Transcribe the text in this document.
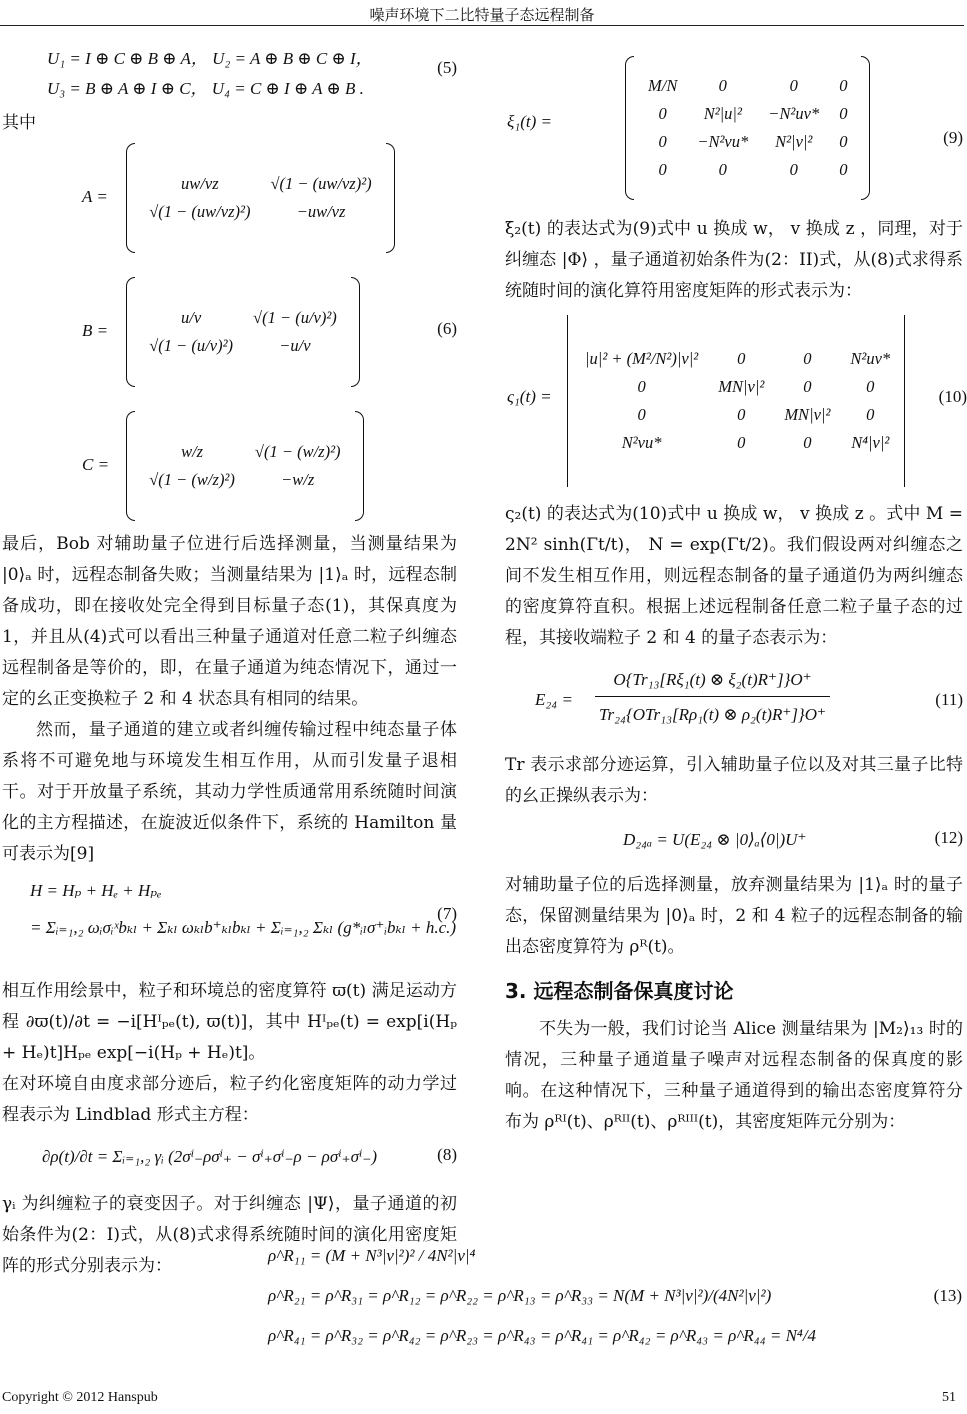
噪声环境下二比特量子态远程制备
U₁ = I ⊕ C ⊕ B ⊕ A， U₂ = A ⊕ B ⊕ C ⊕ I，
U₃ = B ⊕ A ⊕ I ⊕ C， U₄ = C ⊕ I ⊕ A ⊕ B .
(5)
其中
(6)
A =
uw/vz	√(1 − (uw/vz)²)
√(1 − (uw/vz)²)	−uw/vz
B =
u/v	√(1 − (u/v)²)
√(1 − (u/v)²)	−u/v
C =
w/z	√(1 − (w/z)²)
√(1 − (w/z)²)	−w/z

最后，Bob 对辅助量子位进行后选择测量，当测量结果为 |0⟩ₐ 时，远程态制备失败；当测量结果为 |1⟩ₐ 时，远程态制备成功，即在接收处完全得到目标量子态(1)，其保真度为 1，并且从(4)式可以看出三种量子通道对任意二粒子纠缠态远程制备是等价的，即，在量子通道为纯态情况下，通过一定的幺正变换粒子 2 和 4 状态具有相同的结果。

然而，量子通道的建立或者纠缠传输过程中纯态量子体系将不可避免地与环境发生相互作用，从而引发量子退相干。对于开放量子系统，其动力学性质通常用系统随时间演化的主方程描述，在旋波近似条件下，系统的 Hamilton 量可表示为[9]

H = Hₚ + Hₑ + Hₚₑ
= Σᵢ₌₁,₂ ωᵢσᵢˣbₖₗ + Σₖₗ ωₖₗb⁺ₖₗbₖₗ + Σᵢ₌₁,₂ Σₖₗ (g*ᵢₗσ⁺ᵢbₖₗ + h.c.)
(7)

相互作用绘景中，粒子和环境总的密度算符 ϖ(t) 满足运动方程 ∂ϖ(t)/∂t = −i[Hᴵₚₑ(t), ϖ(t)]，其中 Hᴵₚₑ(t) = exp[i(Hₚ + Hₑ)t]Hₚₑ exp[−i(Hₚ + Hₑ)t]。

在对环境自由度求部分迹后，粒子约化密度矩阵的动力学过程表示为 Lindblad 形式主方程：

∂ρ(t)/∂t = Σᵢ₌₁,₂ γᵢ (2σⁱ₋ρσⁱ₊ − σⁱ₊σⁱ₋ρ − ρσⁱ₊σⁱ₋)	(8)

γᵢ 为纠缠粒子的衰变因子。对于纠缠态 |Ψ⟩，量子通道的初始条件为(2：I)式，从(8)式求得系统随时间的演化用密度矩阵的形式分别表示为：

ξ₁(t) =
M/N	0	0	0
0	N²|u|²	−N²uv*	0
0	−N²vu*	N²|v|²	0
0	0	0	0
(9)

ξ₂(t) 的表达式为(9)式中 u 换成 w， v 换成 z ，同理，对于纠缠态 |Φ⟩ ，量子通道初始条件为(2：II)式，从(8)式求得系统随时间的演化算符用密度矩阵的形式表示为：

ς₁(t) =
|u|² + (M²/N²)|v|²	0	0	N²uv*
0	MN|v|²	0	0
0	0	MN|v|²	0
N²vu*	0	0	N⁴|v|²
(10)

ς₂(t) 的表达式为(10)式中 u 换成 w， v 换成 z 。式中 M = 2N² sinh(Γt/t)， N = exp(Γt/2)。我们假设两对纠缠态之间不发生相互作用，则远程态制备的量子通道仍为两纠缠态的密度算符直积。根据上述远程制备任意二粒子量子态的过程，其接收端粒子 2 和 4 的量子态表示为：

E₂₄ =
O{Tr₁₃[Rξ₁(t) ⊗ ξ₂(t)R⁺]}O⁺
Tr₂₄{OTr₁₃[Rρ₁(t) ⊗ ρ₂(t)R⁺]}O⁺
(11)

Tr 表示求部分迹运算，引入辅助量子位以及对其三量子比特的幺正操纵表示为：

D₂₄ₐ = U(E₂₄ ⊗ |0⟩ₐ⟨0|)U⁺	(12)

对辅助量子位的后选择测量，放弃测量结果为 |1⟩ₐ 时的量子态，保留测量结果为 |0⟩ₐ 时，2 和 4 粒子的远程态制备的输出态密度算符为 ρᴿ(t)。

3. 远程态制备保真度讨论

不失为一般，我们讨论当 Alice 测量结果为 |M₂⟩₁₃ 时的情况，三种量子通道量子噪声对远程态制备的保真度的影响。在这种情况下，三种量子通道得到的输出态密度算符分布为 ρᴿᴵ(t)、ρᴿᴵᴵ(t)、ρᴿᴵᴵᴵ(t)，其密度矩阵元分别为：

ρ^R₁₁ = (M + N³|v|²)² / 4N²|v|⁴
ρ^R₂₁ = ρ^R₃₁ = ρ^R₁₂ = ρ^R₂₂ = ρ^R₁₃ = ρ^R₃₃ = N(M + N³|v|²)/(4N²|v|²)
ρ^R₄₁ = ρ^R₃₂ = ρ^R₄₂ = ρ^R₂₃ = ρ^R₄₃ = ρ^R₄₁ = ρ^R₄₂ = ρ^R₄₃ = ρ^R₄₄ = N⁴/4
(13)
Copyright © 2012 Hanspub	51
